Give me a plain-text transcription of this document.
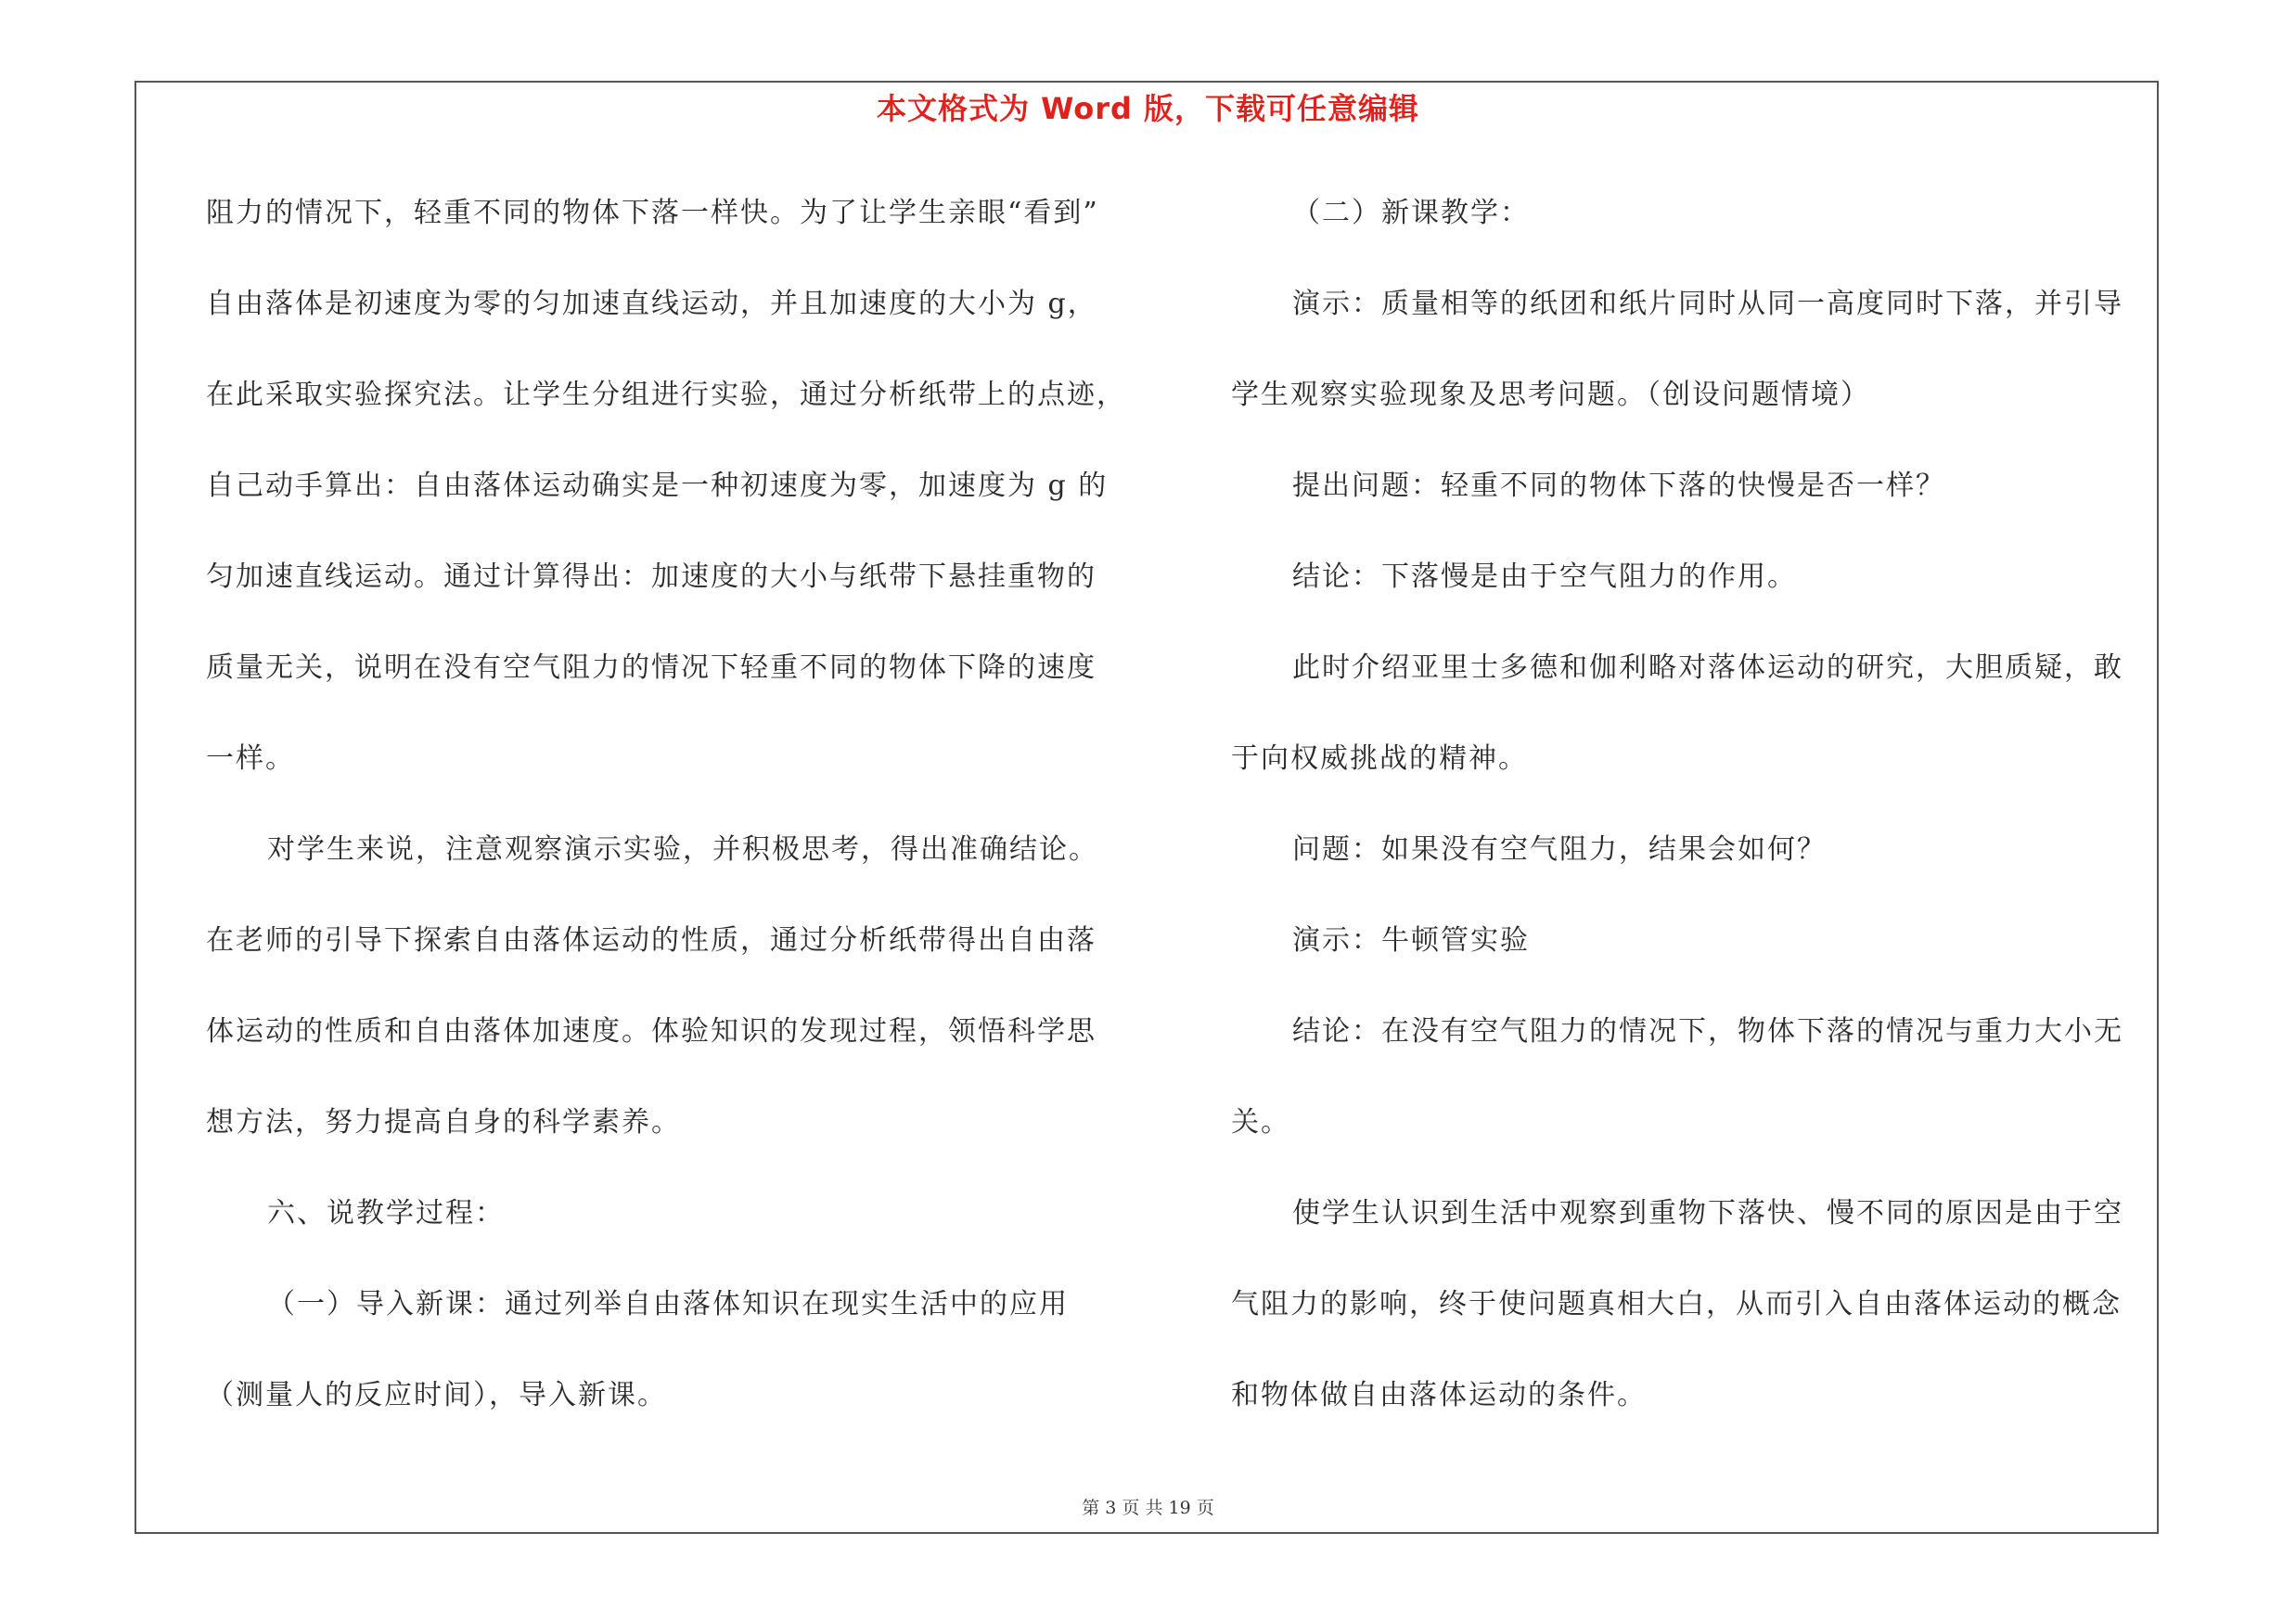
本文格式为 Word 版，下载可任意编辑
阻力的情况下，轻重不同的物体下落一样快。为了让学生亲眼“看到”
自由落体是初速度为零的匀加速直线运动，并且加速度的大小为 g，
在此采取实验探究法。让学生分组进行实验，通过分析纸带上的点迹，
自己动手算出：自由落体运动确实是一种初速度为零，加速度为 g 的
匀加速直线运动。通过计算得出：加速度的大小与纸带下悬挂重物的
质量无关，说明在没有空气阻力的情况下轻重不同的物体下降的速度
一样。
对学生来说，注意观察演示实验，并积极思考，得出准确结论。
在老师的引导下探索自由落体运动的性质，通过分析纸带得出自由落
体运动的性质和自由落体加速度。体验知识的发现过程，领悟科学思
想方法，努力提高自身的科学素养。
六、说教学过程：
（一）导入新课：通过列举自由落体知识在现实生活中的应用
（测量人的反应时间），导入新课。
（二）新课教学：
演示：质量相等的纸团和纸片同时从同一高度同时下落，并引导
学生观察实验现象及思考问题。（创设问题情境）
提出问题：轻重不同的物体下落的快慢是否一样？
结论：下落慢是由于空气阻力的作用。
此时介绍亚里士多德和伽利略对落体运动的研究，大胆质疑，敢
于向权威挑战的精神。
问题：如果没有空气阻力，结果会如何？
演示：牛顿管实验
结论：在没有空气阻力的情况下，物体下落的情况与重力大小无
关。
使学生认识到生活中观察到重物下落快、慢不同的原因是由于空
气阻力的影响，终于使问题真相大白，从而引入自由落体运动的概念
和物体做自由落体运动的条件。
第 3 页 共 19 页
